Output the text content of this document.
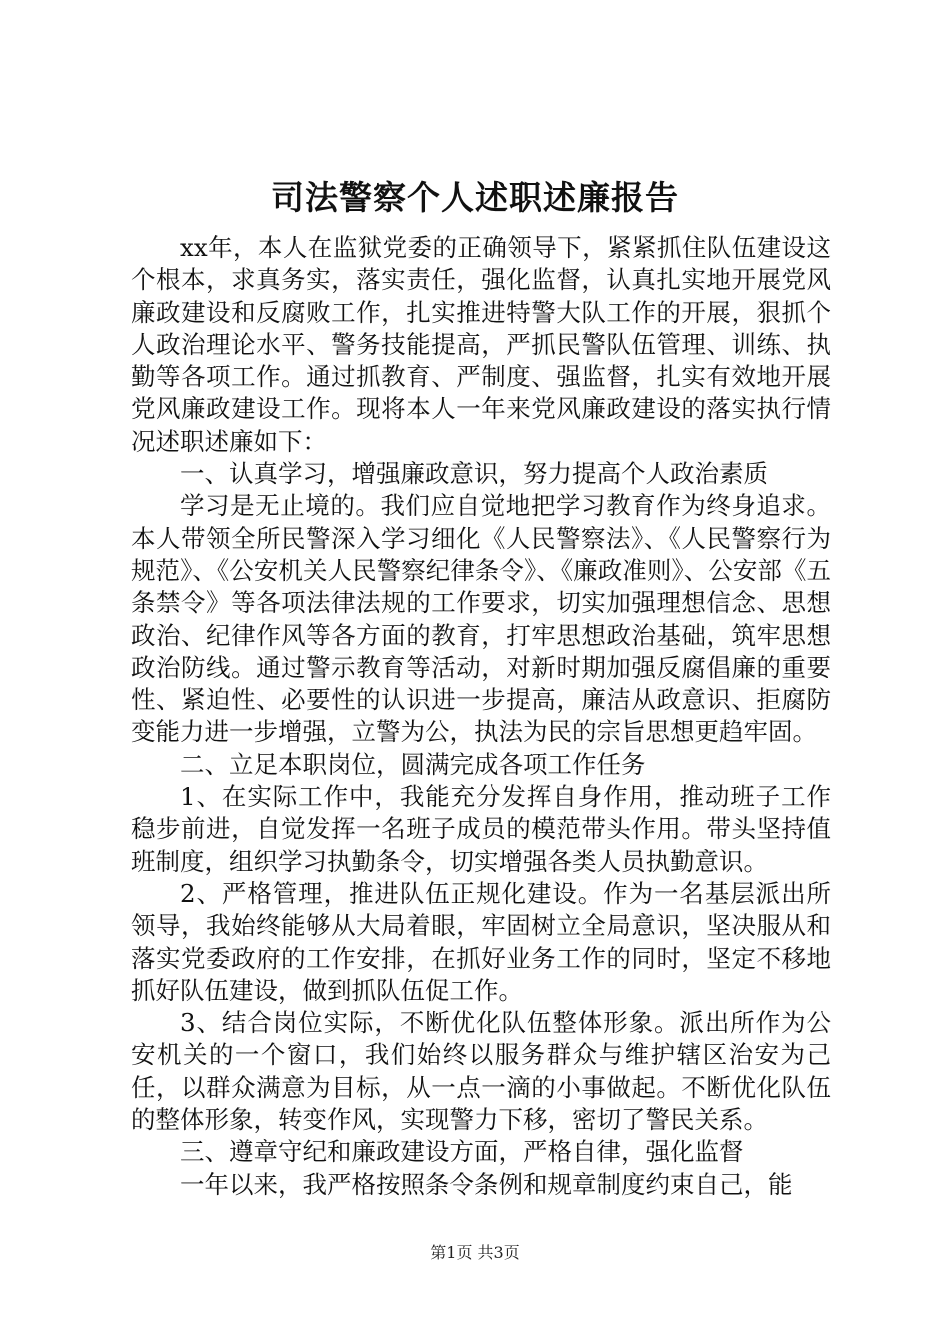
司法警察个人述职述廉报告

xx年，本人在监狱党委的正确领导下，紧紧抓住队伍建设这个根本，求真务实，落实责任，强化监督，认真扎实地开展党风廉政建设和反腐败工作，扎实推进特警大队工作的开展，狠抓个人政治理论水平、警务技能提高，严抓民警队伍管理、训练、执勤等各项工作。通过抓教育、严制度、强监督，扎实有效地开展党风廉政建设工作。现将本人一年来党风廉政建设的落实执行情况述职述廉如下：

一、认真学习，增强廉政意识，努力提高个人政治素质

学习是无止境的。我们应自觉地把学习教育作为终身追求。本人带领全所民警深入学习细化《人民警察法》、《人民警察行为规范》、《公安机关人民警察纪律条令》、《廉政准则》、公安部《五条禁令》等各项法律法规的工作要求，切实加强理想信念、思想政治、纪律作风等各方面的教育，打牢思想政治基础，筑牢思想政治防线。通过警示教育等活动，对新时期加强反腐倡廉的重要性、紧迫性、必要性的认识进一步提高，廉洁从政意识、拒腐防变能力进一步增强，立警为公，执法为民的宗旨思想更趋牢固。

二、立足本职岗位，圆满完成各项工作任务

1、在实际工作中，我能充分发挥自身作用，推动班子工作稳步前进，自觉发挥一名班子成员的模范带头作用。带头坚持值班制度，组织学习执勤条令，切实增强各类人员执勤意识。

2、严格管理，推进队伍正规化建设。作为一名基层派出所领导，我始终能够从大局着眼，牢固树立全局意识，坚决服从和落实党委政府的工作安排，在抓好业务工作的同时，坚定不移地抓好队伍建设，做到抓队伍促工作。

3、结合岗位实际，不断优化队伍整体形象。派出所作为公安机关的一个窗口，我们始终以服务群众与维护辖区治安为己任，以群众满意为目标，从一点一滴的小事做起。不断优化队伍的整体形象，转变作风，实现警力下移，密切了警民关系。

三、遵章守纪和廉政建设方面，严格自律，强化监督

一年以来，我严格按照条令条例和规章制度约束自己，能

第1页 共3页
